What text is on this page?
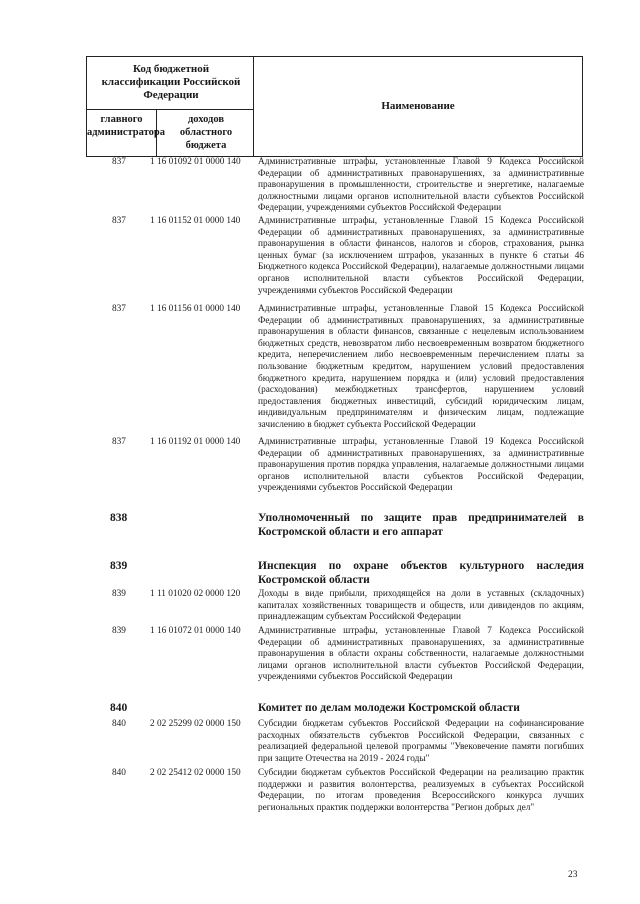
Код бюджетной классификации Российской Федерации
главного администратора
доходов областного бюджета
Наименование
837	1 16 01092 01 0000 140	Административные штрафы, установленные Главой 9 Кодекса Российской Федерации об административных правонарушениях, за административные правонарушения в промышленности, строительстве и энергетике, налагаемые должностными лицами органов исполнительной власти субъектов Российской Федерации, учреждениями субъектов Российской Федерации
837	1 16 01152 01 0000 140	Административные штрафы, установленные Главой 15 Кодекса Российской Федерации об административных правонарушениях, за административные правонарушения в области финансов, налогов и сборов, страхования, рынка ценных бумаг (за исключением штрафов, указанных в пункте 6 статьи 46 Бюджетного кодекса Российской Федерации), налагаемые должностными лицами органов исполнительной власти субъектов Российской Федерации, учреждениями субъектов Российской Федерации
837	1 16 01156 01 0000 140	Административные штрафы, установленные Главой 15 Кодекса Российской Федерации об административных правонарушениях, за административные правонарушения в области финансов, связанные с нецелевым использованием бюджетных средств, невозвратом либо несвоевременным возвратом бюджетного кредита, неперечислением либо несвоевременным перечислением платы за пользование бюджетным кредитом, нарушением условий предоставления бюджетного кредита, нарушением порядка и (или) условий предоставления (расходования) межбюджетных трансфертов, нарушением условий предоставления бюджетных инвестиций, субсидий юридическим лицам, индивидуальным предпринимателям и физическим лицам, подлежащие зачислению в бюджет субъекта Российской Федерации
837	1 16 01192 01 0000 140	Административные штрафы, установленные Главой 19 Кодекса Российской Федерации об административных правонарушениях, за административные правонарушения против порядка управления, налагаемые должностными лицами органов исполнительной власти субъектов Российской Федерации, учреждениями субъектов Российской Федерации
838	Уполномоченный по защите прав предпринимателей в Костромской области и его аппарат
839	Инспекция по охране объектов культурного наследия Костромской области
839	1 11 01020 02 0000 120	Доходы в виде прибыли, приходящейся на доли в уставных (складочных) капиталах хозяйственных товариществ и обществ, или дивидендов по акциям, принадлежащим субъектам Российской Федерации
839	1 16 01072 01 0000 140	Административные штрафы, установленные Главой 7 Кодекса Российской Федерации об административных правонарушениях, за административные правонарушения в области охраны собственности, налагаемые должностными лицами органов исполнительной власти субъектов Российской Федерации, учреждениями субъектов Российской Федерации
840	Комитет по делам молодежи Костромской области
840	2 02 25299 02 0000 150	Субсидии бюджетам субъектов Российской Федерации на софинансирование расходных обязательств субъектов Российской Федерации, связанных с реализацией федеральной целевой программы "Увековечение памяти погибших при защите Отечества на 2019 - 2024 годы"
840	2 02 25412 02 0000 150	Субсидии бюджетам субъектов Российской Федерации на реализацию практик поддержки и развития волонтерства, реализуемых в субъектах Российской Федерации, по итогам проведения Всероссийского конкурса лучших региональных практик поддержки волонтерства "Регион добрых дел"
23
